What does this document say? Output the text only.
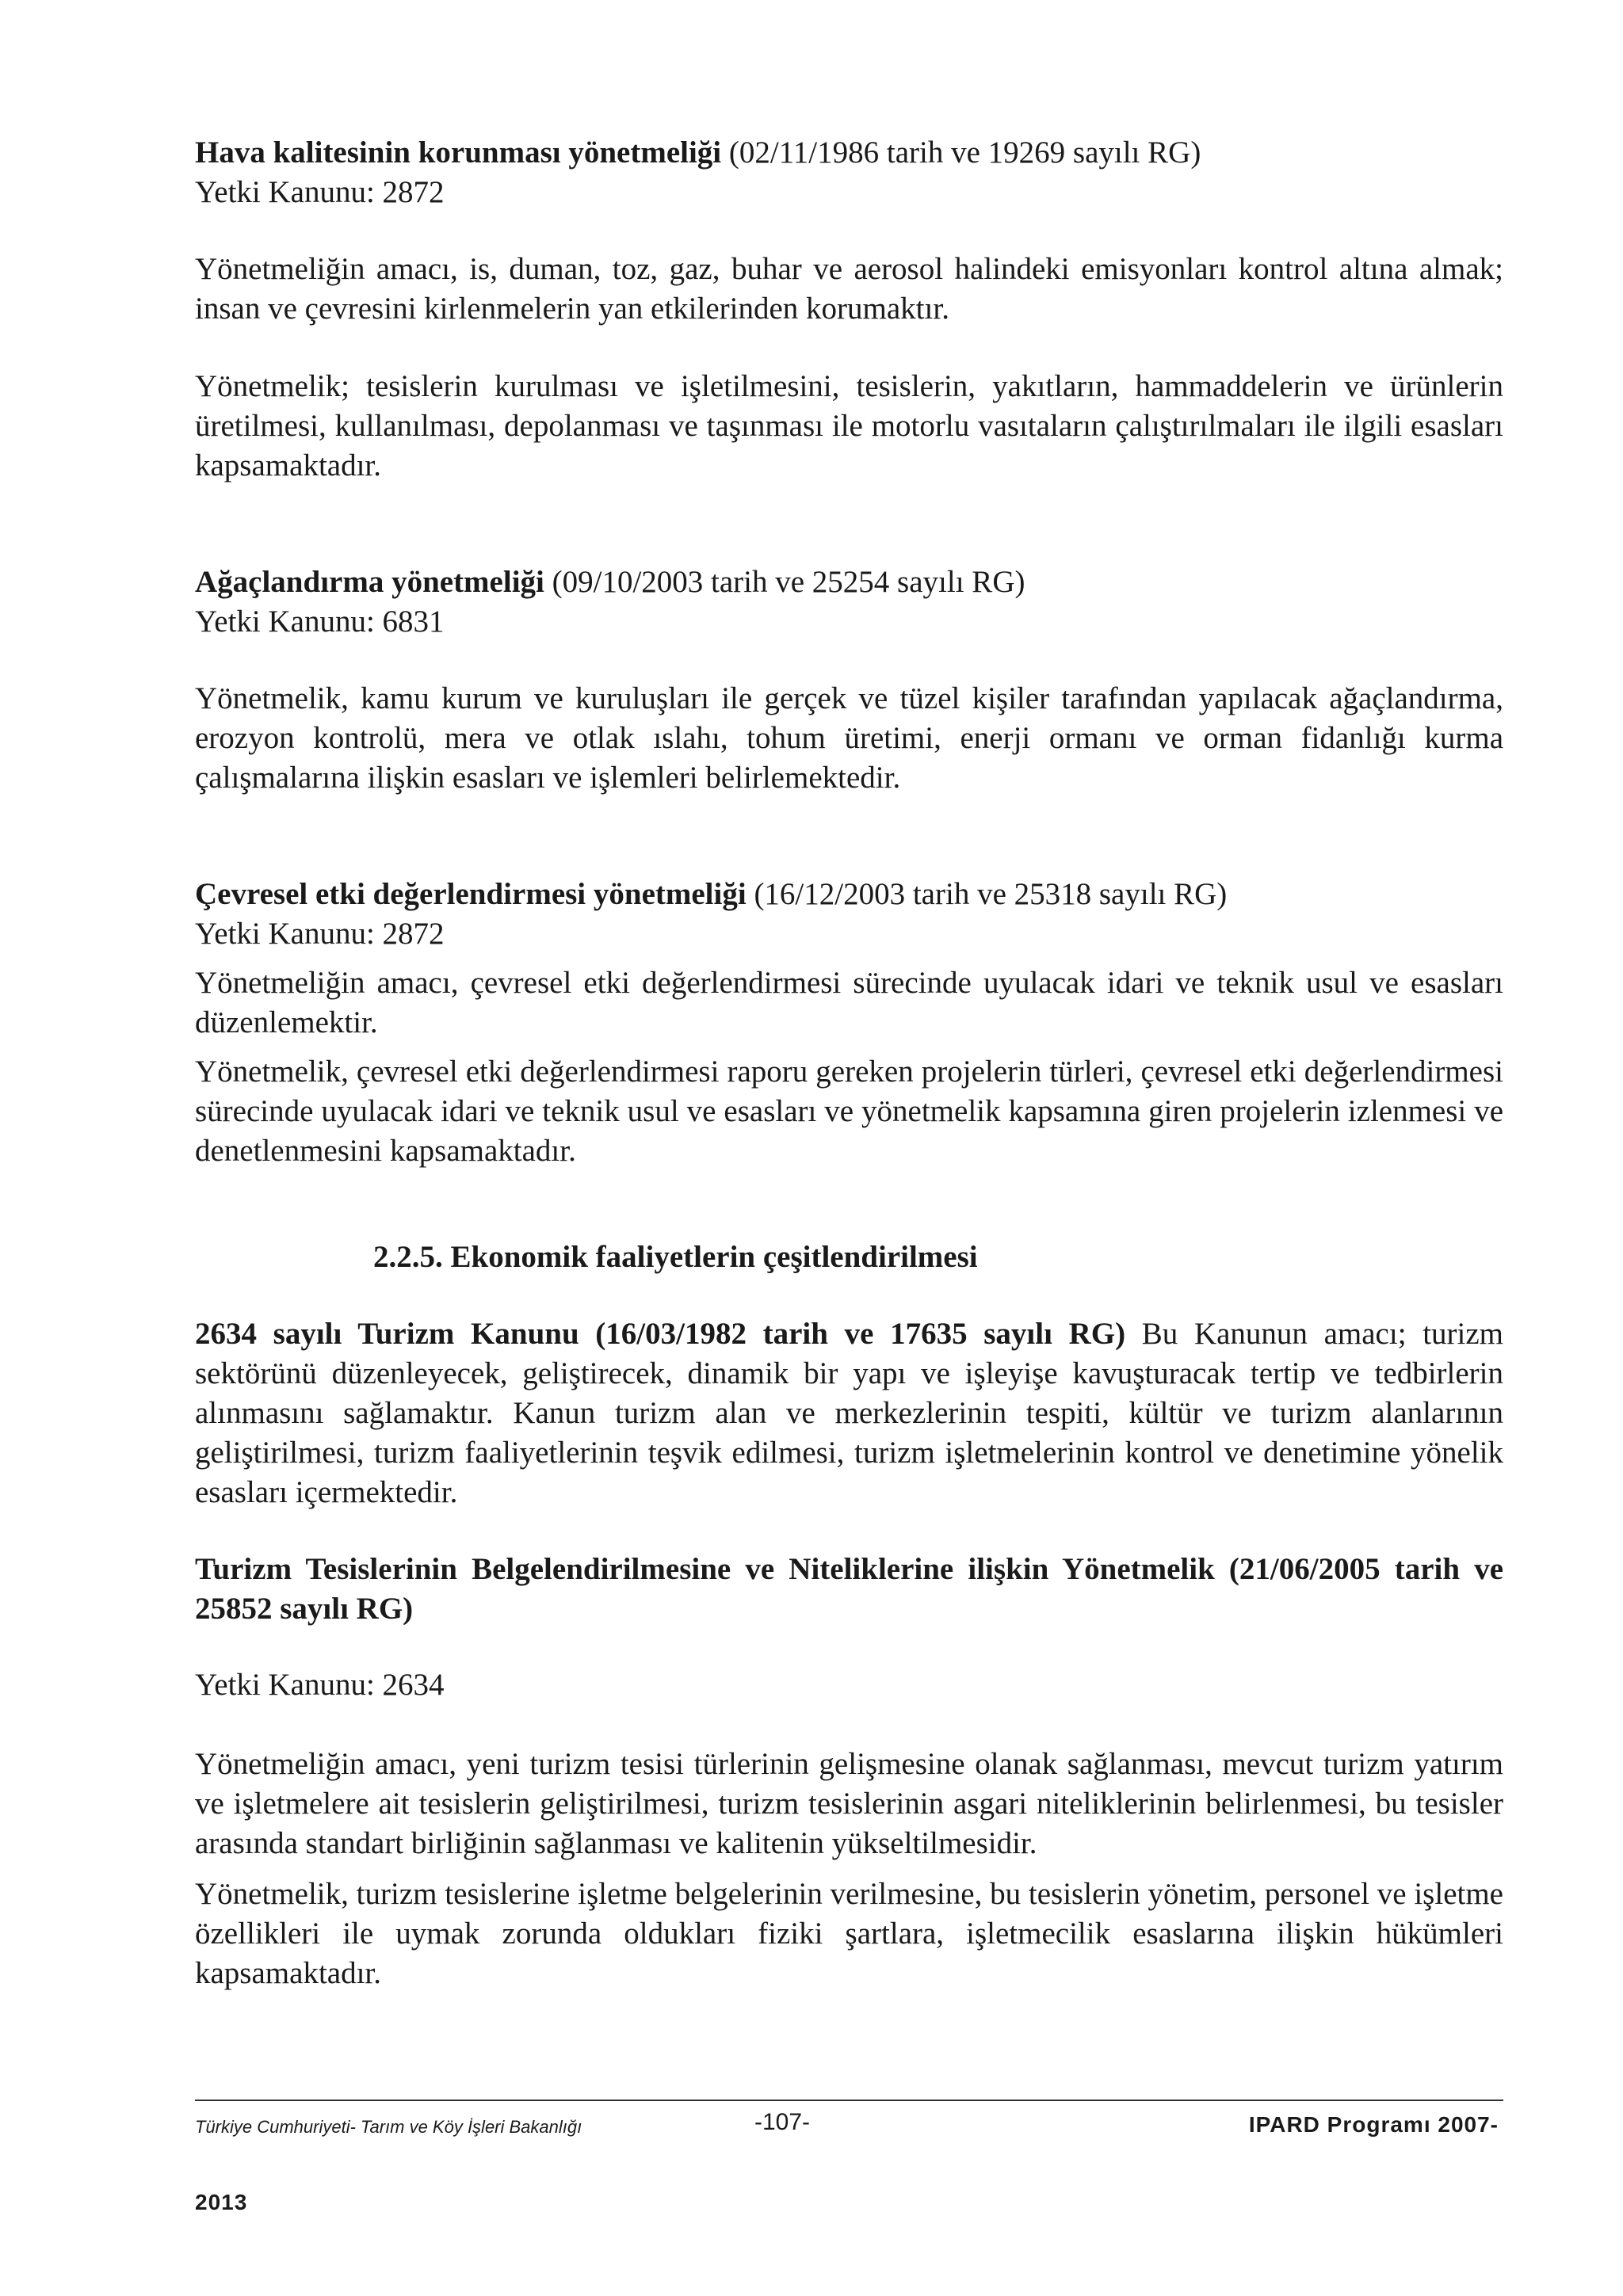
Hava kalitesinin korunması yönetmeliği (02/11/1986 tarih ve 19269 sayılı RG)

Yetki Kanunu: 2872

Yönetmeliğin amacı, is, duman, toz, gaz, buhar ve aerosol halindeki emisyonları kontrol altına almak; insan ve çevresini kirlenmelerin yan etkilerinden korumaktır.

Yönetmelik; tesislerin kurulması ve işletilmesini, tesislerin, yakıtların, hammaddelerin ve ürünlerin üretilmesi, kullanılması, depolanması ve taşınması ile motorlu vasıtaların çalıştırılmaları ile ilgili esasları kapsamaktadır.

Ağaçlandırma yönetmeliği (09/10/2003 tarih ve 25254 sayılı RG)

Yetki Kanunu: 6831

Yönetmelik, kamu kurum ve kuruluşları ile gerçek ve tüzel kişiler tarafından yapılacak ağaçlandırma, erozyon kontrolü, mera ve otlak ıslahı, tohum üretimi, enerji ormanı ve orman fidanlığı kurma çalışmalarına ilişkin esasları ve işlemleri belirlemektedir.

Çevresel etki değerlendirmesi yönetmeliği (16/12/2003 tarih ve 25318 sayılı RG)

Yetki Kanunu: 2872

Yönetmeliğin amacı, çevresel etki değerlendirmesi sürecinde uyulacak idari ve teknik usul ve esasları düzenlemektir.

Yönetmelik, çevresel etki değerlendirmesi raporu gereken projelerin türleri, çevresel etki değerlendirmesi sürecinde uyulacak idari ve teknik usul ve esasları ve yönetmelik kapsamına giren projelerin izlenmesi ve denetlenmesini kapsamaktadır.

2.2.5. Ekonomik faaliyetlerin çeşitlendirilmesi

2634 sayılı Turizm Kanunu (16/03/1982 tarih ve 17635 sayılı RG) Bu Kanunun amacı; turizm sektörünü düzenleyecek, geliştirecek, dinamik bir yapı ve işleyişe kavuşturacak tertip ve tedbirlerin alınmasını sağlamaktır. Kanun turizm alan ve merkezlerinin tespiti, kültür ve turizm alanlarının geliştirilmesi, turizm faaliyetlerinin teşvik edilmesi, turizm işletmelerinin kontrol ve denetimine yönelik esasları içermektedir.

Turizm Tesislerinin Belgelendirilmesine ve Niteliklerine ilişkin Yönetmelik (21/06/2005 tarih ve 25852 sayılı RG)

Yetki Kanunu: 2634

Yönetmeliğin amacı, yeni turizm tesisi türlerinin gelişmesine olanak sağlanması, mevcut turizm yatırım ve işletmelere ait tesislerin geliştirilmesi, turizm tesislerinin asgari niteliklerinin belirlenmesi, bu tesisler arasında standart birliğinin sağlanması ve kalitenin yükseltilmesidir.

Yönetmelik, turizm tesislerine işletme belgelerinin verilmesine, bu tesislerin yönetim, personel ve işletme özellikleri ile uymak zorunda oldukları fiziki şartlara, işletmecilik esaslarına ilişkin hükümleri kapsamaktadır.

Türkiye Cumhuriyeti- Tarım ve Köy İşleri Bakanlığı	-107-	IPARD Programı 2007-
2013
